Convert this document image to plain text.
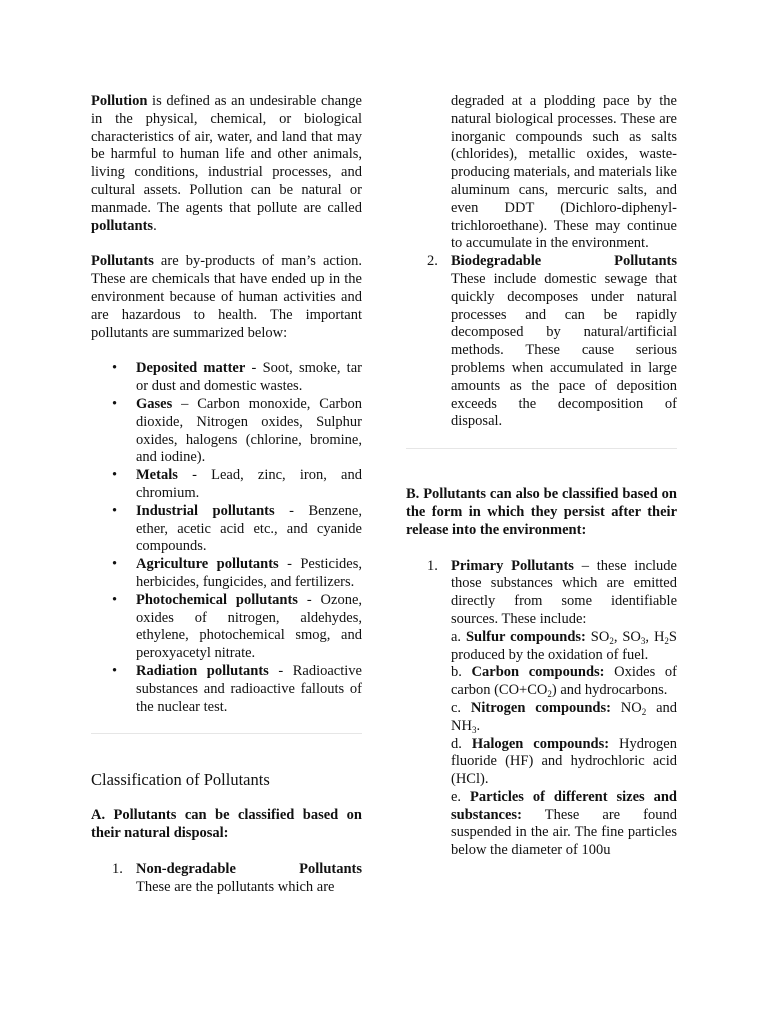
Pollution is defined as an undesirable change in the physical, chemical, or biological characteristics of air, water, and land that may be harmful to human life and other animals, living conditions, industrial processes, and cultural assets. Pollution can be natural or manmade. The agents that pollute are called pollutants.

Pollutants are by-products of man’s action. These are chemicals that have ended up in the environment because of human activities and are hazardous to health. The important pollutants are summarized below:

• Deposited matter - Soot, smoke, tar or dust and domestic wastes.
• Gases – Carbon monoxide, Carbon dioxide, Nitrogen oxides, Sulphur oxides, halogens (chlorine, bromine, and iodine).
• Metals - Lead, zinc, iron, and chromium.
• Industrial pollutants - Benzene, ether, acetic acid etc., and cyanide compounds.
• Agriculture pollutants - Pesticides, herbicides, fungicides, and fertilizers.
• Photochemical pollutants - Ozone, oxides of nitrogen, aldehydes, ethylene, photochemical smog, and peroxyacetyl nitrate.
• Radiation pollutants - Radioactive substances and radioactive fallouts of the nuclear test.
Classification of Pollutants

A. Pollutants can be classified based on their natural disposal:

1. Non-degradable	Pollutants
These are the pollutants which are

degraded at a plodding pace by the natural biological processes. These are inorganic compounds such as salts (chlorides), metallic oxides, waste-producing materials, and materials like aluminum cans, mercuric salts, and even DDT (Dichloro-diphenyl-trichloroethane). These may continue to accumulate in the environment.

2. Biodegradable	Pollutants

These include domestic sewage that quickly decomposes under natural processes and can be rapidly decomposed by natural/artificial methods. These cause serious problems when accumulated in large amounts as the pace of deposition exceeds the decomposition of disposal.

B. Pollutants can also be classified based on the form in which they persist after their release into the environment:

1. Primary Pollutants – these include those substances which are emitted directly from some identifiable sources. These include:

a. Sulfur compounds: $SO_2$, $SO_3$, $H_2S$ produced by the oxidation of fuel.

b. Carbon compounds: Oxides of carbon $(CO+CO_2)$ and hydrocarbons.

c. Nitrogen compounds: $NO_2$ and $NH_3$.

d. Halogen compounds: Hydrogen fluoride (HF) and hydrochloric acid (HCl).

e. Particles of different sizes and substances: These are found suspended in the air. The fine particles below the diameter of 100u
